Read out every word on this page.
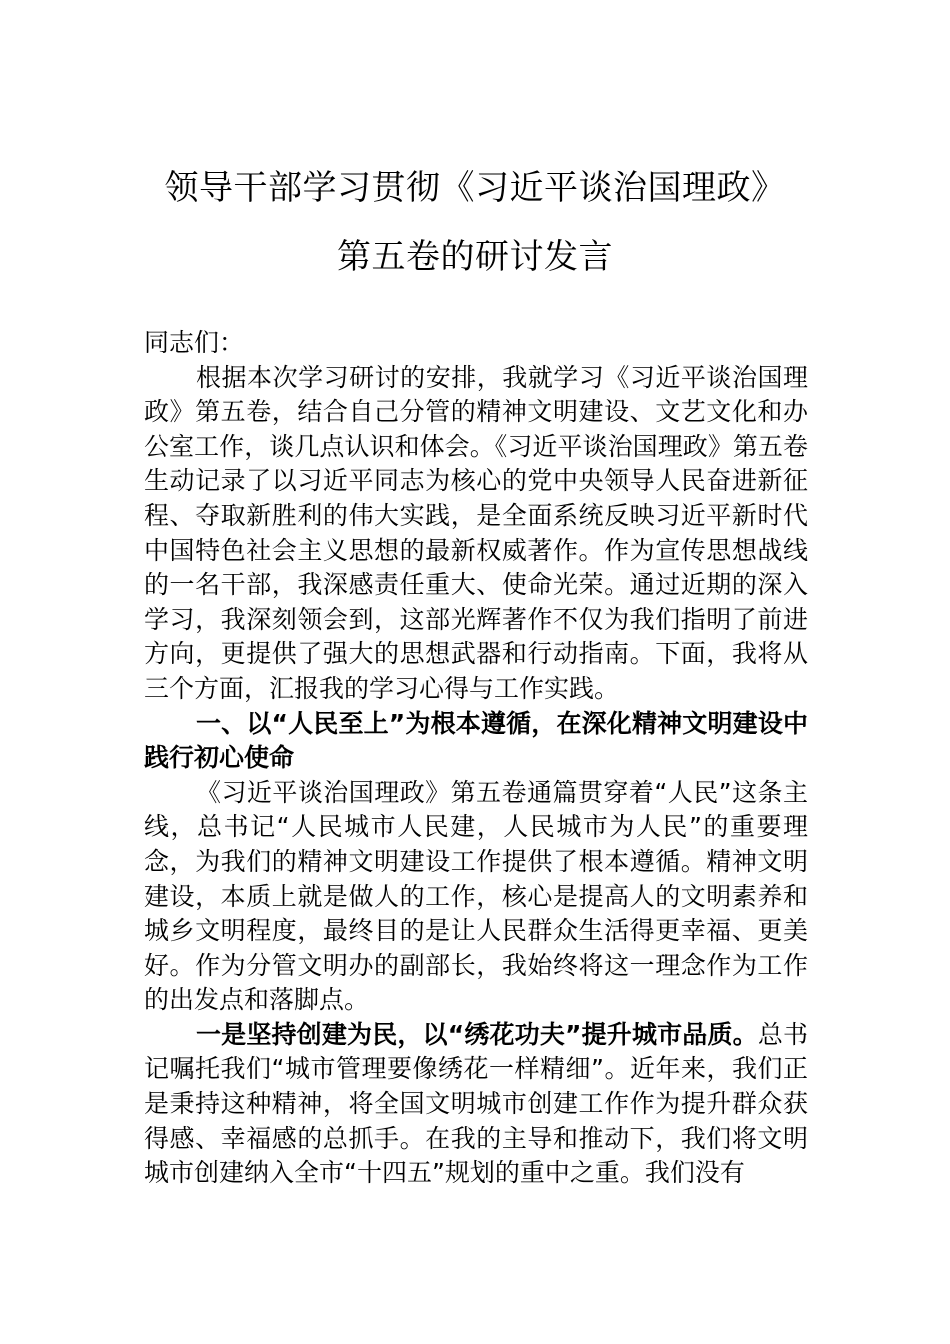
领导干部学习贯彻《习近平谈治国理政》
第五卷的研讨发言

同志们：

根据本次学习研讨的安排，我就学习《习近平谈治国理政》第五卷，结合自己分管的精神文明建设、文艺文化和办公室工作，谈几点认识和体会。《习近平谈治国理政》第五卷生动记录了以习近平同志为核心的党中央领导人民奋进新征程、夺取新胜利的伟大实践，是全面系统反映习近平新时代中国特色社会主义思想的最新权威著作。作为宣传思想战线的一名干部，我深感责任重大、使命光荣。通过近期的深入学习，我深刻领会到，这部光辉著作不仅为我们指明了前进方向，更提供了强大的思想武器和行动指南。下面，我将从三个方面，汇报我的学习心得与工作实践。

一、以“人民至上”为根本遵循，在深化精神文明建设中践行初心使命

《习近平谈治国理政》第五卷通篇贯穿着“人民”这条主线，总书记“人民城市人民建，人民城市为人民”的重要理念，为我们的精神文明建设工作提供了根本遵循。精神文明建设，本质上就是做人的工作，核心是提高人的文明素养和城乡文明程度，最终目的是让人民群众生活得更幸福、更美好。作为分管文明办的副部长，我始终将这一理念作为工作的出发点和落脚点。

一是坚持创建为民，以“绣花功夫”提升城市品质。总书记嘱托我们“城市管理要像绣花一样精细”。近年来，我们正是秉持这种精神，将全国文明城市创建工作作为提升群众获得感、幸福感的总抓手。在我的主导和推动下，我们将文明城市创建纳入全市“十四五”规划的重中之重。我们没有
